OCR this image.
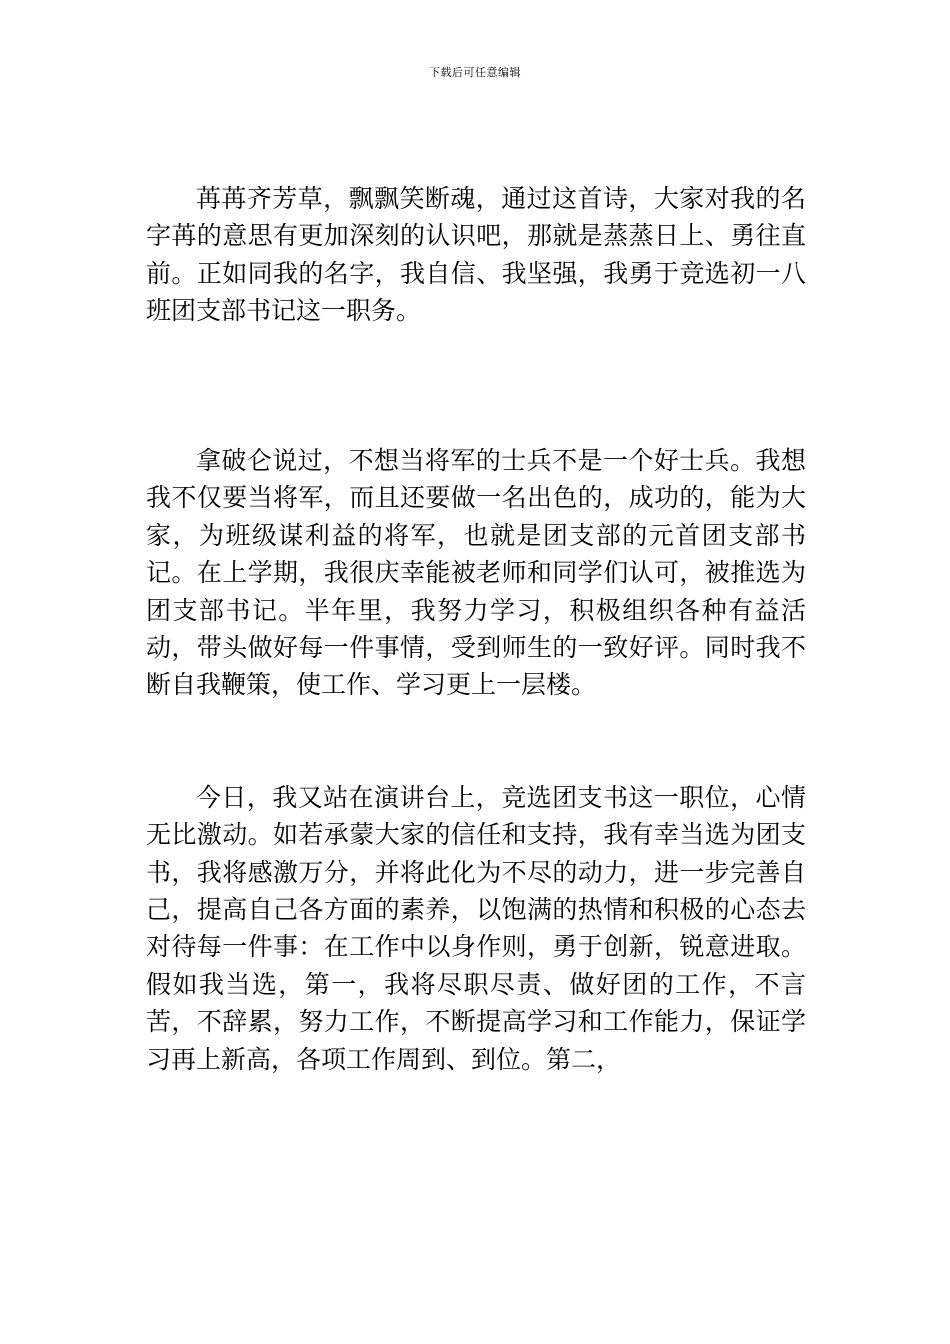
下载后可任意编辑

苒苒齐芳草，飘飘笑断魂，通过这首诗，大家对我的名字苒的意思有更加深刻的认识吧，那就是蒸蒸日上、勇往直前。正如同我的名字，我自信、我坚强，我勇于竞选初一八班团支部书记这一职务。

拿破仑说过，不想当将军的士兵不是一个好士兵。我想我不仅要当将军，而且还要做一名出色的，成功的，能为大家，为班级谋利益的将军，也就是团支部的元首团支部书记。在上学期，我很庆幸能被老师和同学们认可，被推选为团支部书记。半年里，我努力学习，积极组织各种有益活动，带头做好每一件事情，受到师生的一致好评。同时我不断自我鞭策，使工作、学习更上一层楼。

今日，我又站在演讲台上，竞选团支书这一职位，心情无比激动。如若承蒙大家的信任和支持，我有幸当选为团支书，我将感激万分，并将此化为不尽的动力，进一步完善自己，提高自己各方面的素养，以饱满的热情和积极的心态去对待每一件事：在工作中以身作则，勇于创新，锐意进取。假如我当选，第一，我将尽职尽责、做好团的工作，不言苦，不辞累，努力工作，不断提高学习和工作能力，保证学习再上新高，各项工作周到、到位。第二，
